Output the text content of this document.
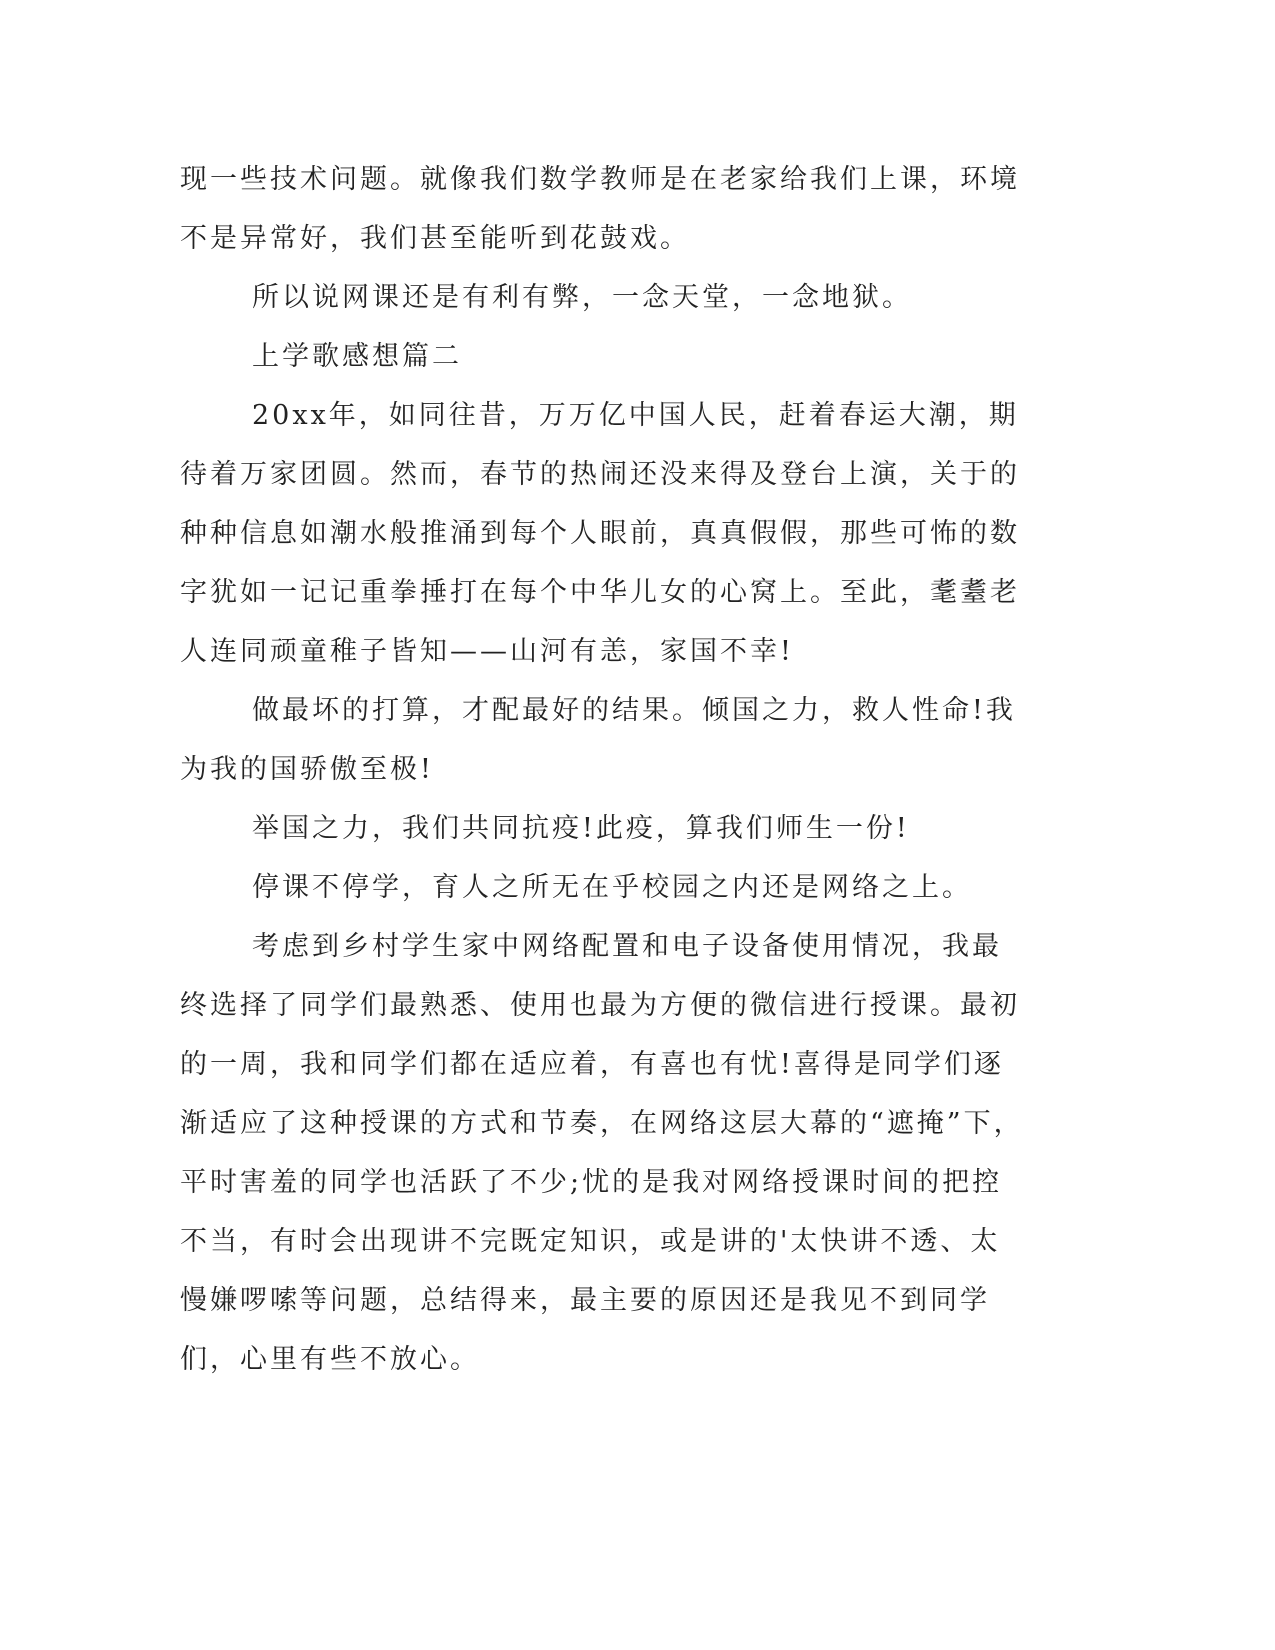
现一些技术问题。就像我们数学教师是在老家给我们上课，环境不是异常好，我们甚至能听到花鼓戏。

所以说网课还是有利有弊，一念天堂，一念地狱。

上学歌感想篇二

20xx年，如同往昔，万万亿中国人民，赶着春运大潮，期待着万家团圆。然而，春节的热闹还没来得及登台上演，关于的种种信息如潮水般推涌到每个人眼前，真真假假，那些可怖的数字犹如一记记重拳捶打在每个中华儿女的心窝上。至此，耄耋老人连同顽童稚子皆知——山河有恙，家国不幸!

做最坏的打算，才配最好的结果。倾国之力，救人性命!我为我的国骄傲至极!

举国之力，我们共同抗疫!此疫，算我们师生一份!

停课不停学，育人之所无在乎校园之内还是网络之上。

考虑到乡村学生家中网络配置和电子设备使用情况，我最终选择了同学们最熟悉、使用也最为方便的微信进行授课。最初的一周，我和同学们都在适应着，有喜也有忧!喜得是同学们逐渐适应了这种授课的方式和节奏，在网络这层大幕的“遮掩”下，平时害羞的同学也活跃了不少;忧的是我对网络授课时间的把控不当，有时会出现讲不完既定知识，或是讲的'太快讲不透、太慢嫌啰嗦等问题，总结得来，最主要的原因还是我见不到同学们，心里有些不放心。
